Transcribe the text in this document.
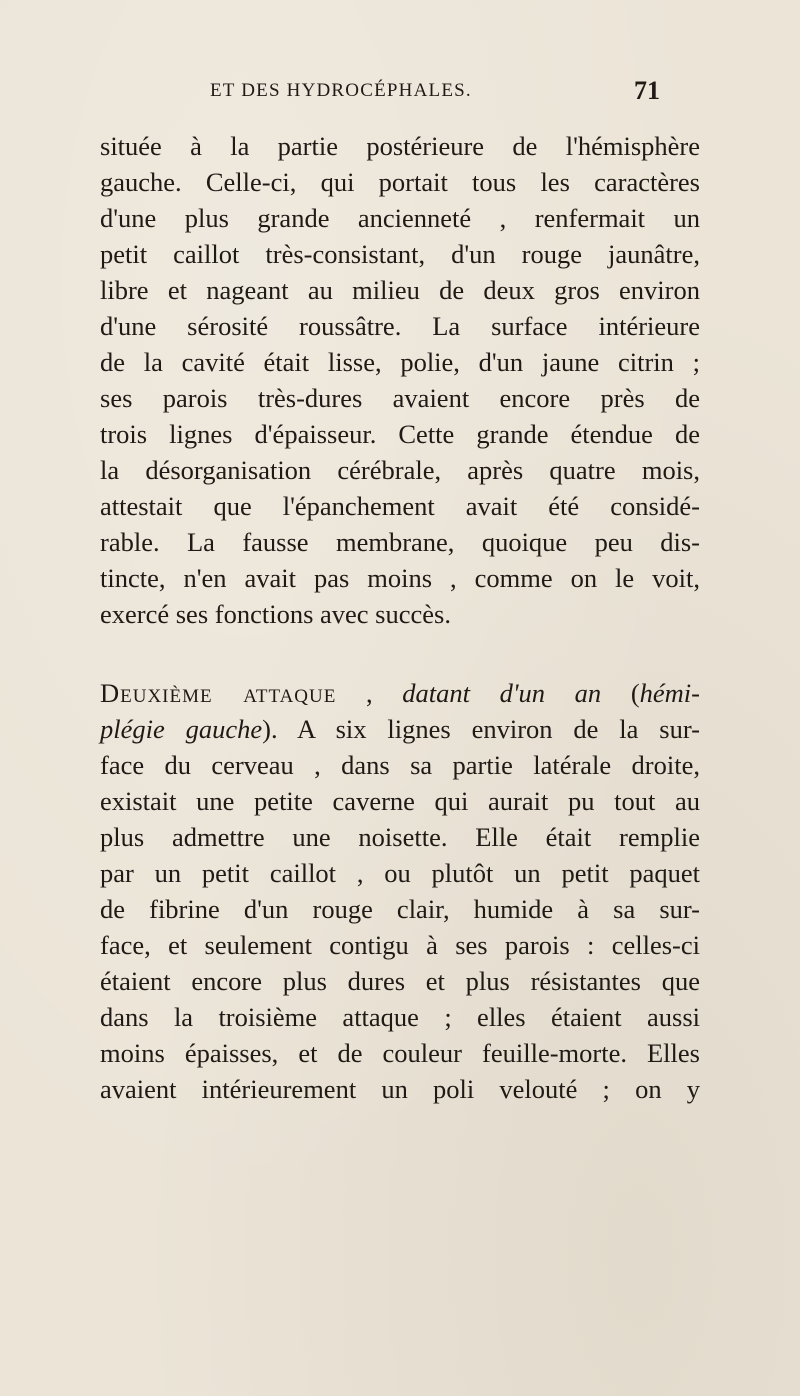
ET DES HYDROCÉPHALES.	71
située à la partie postérieure de l'hémisphère
gauche. Celle-ci, qui portait tous les caractères
d'une plus grande ancienneté , renfermait un
petit caillot très-consistant, d'un rouge jaunâtre,
libre et nageant au milieu de deux gros environ
d'une sérosité roussâtre. La surface intérieure
de la cavité était lisse, polie, d'un jaune citrin ;
ses parois très-dures avaient encore près de
trois lignes d'épaisseur. Cette grande étendue de
la désorganisation cérébrale, après quatre mois,
attestait que l'épanchement avait été considé-
rable. La fausse membrane, quoique peu dis-
tincte, n'en avait pas moins , comme on le voit,
exercé ses fonctions avec succès.
Deuxième attaque , datant d'un an (hémi-
plégie gauche). A six lignes environ de la sur-
face du cerveau , dans sa partie latérale droite,
existait une petite caverne qui aurait pu tout au
plus admettre une noisette. Elle était remplie
par un petit caillot , ou plutôt un petit paquet
de fibrine d'un rouge clair, humide à sa sur-
face, et seulement contigu à ses parois : celles-ci
étaient encore plus dures et plus résistantes que
dans la troisième attaque ; elles étaient aussi
moins épaisses, et de couleur feuille-morte. Elles
avaient intérieurement un poli velouté ; on y
